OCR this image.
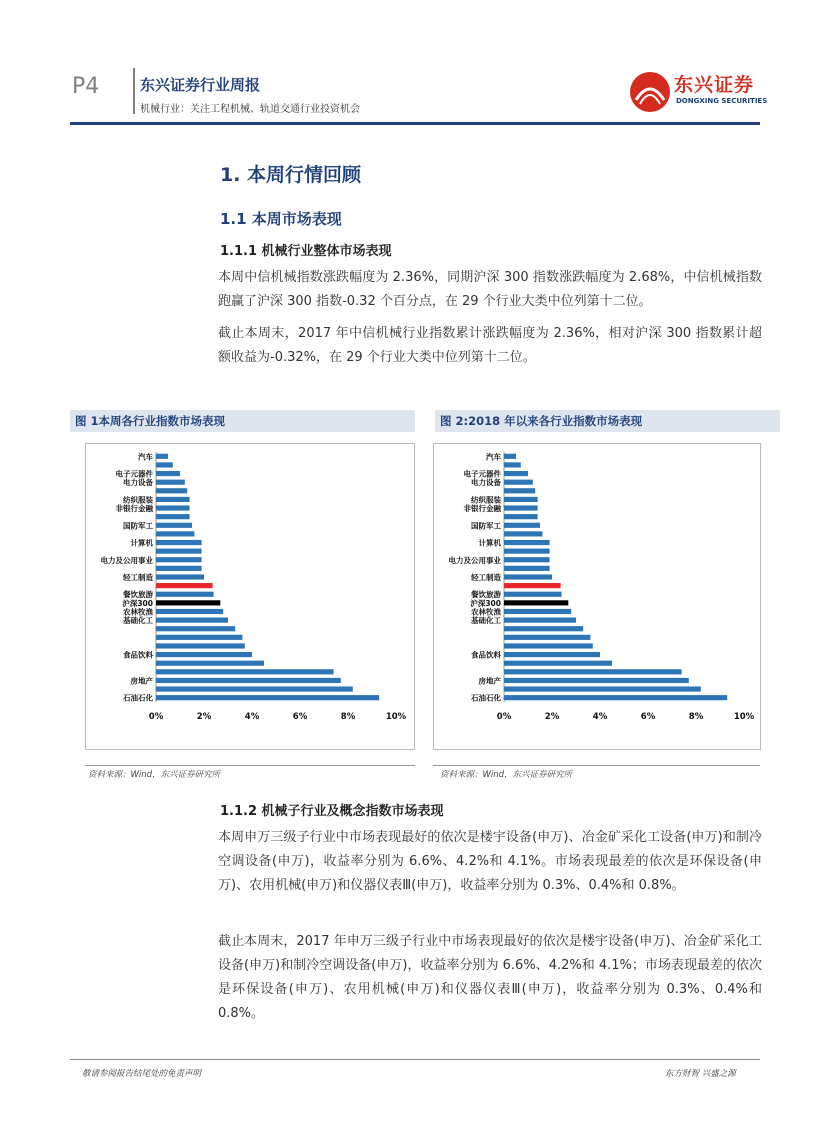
P4	东兴证券行业周报
机械行业：关注工程机械、轨道交通行业投资机会
东兴证券
DONGXING SECURITIES
1. 本周行情回顾
1.1 本周市场表现
1.1.1 机械行业整体市场表现

本周中信机械指数涨跌幅度为 2.36%，同期沪深 300 指数涨跌幅度为 2.68%，中信机械指数跑赢了沪深 300 指数-0.32 个百分点，在 29 个行业大类中位列第十二位。

截止本周末，2017 年中信机械行业指数累计涨跌幅度为 2.36%，相对沪深 300 指数累计超额收益为-0.32%，在 29 个行业大类中位列第十二位。

图 1本周各行业指数市场表现
汽车
电子元器件
电力设备
纺织服装
非银行金融
国防军工
计算机
电力及公用事业
轻工制造
餐饮旅游
沪深300
农林牧渔
基础化工
食品饮料
房地产
石油石化
0%	2%	4%	6%	8%	10%
资料来源：Wind，东兴证券研究所
图 2:2018 年以来各行业指数市场表现
汽车
电子元器件
电力设备
纺织服装
非银行金融
国防军工
计算机
电力及公用事业
轻工制造
餐饮旅游
沪深300
农林牧渔
基础化工
食品饮料
房地产
石油石化
0%	2%	4%	6%	8%	10%
资料来源：Wind，东兴证券研究所
1.1.2 机械子行业及概念指数市场表现

本周申万三级子行业中市场表现最好的依次是楼宇设备(申万)、冶金矿采化工设备(申万)和制冷空调设备(申万)，收益率分别为 6.6%、4.2%和 4.1%。市场表现最差的依次是环保设备(申万)、农用机械(申万)和仪器仪表Ⅲ(申万)，收益率分别为 0.3%、0.4%和 0.8%。

截止本周末，2017 年申万三级子行业中市场表现最好的依次是楼宇设备(申万)、冶金矿采化工设备(申万)和制冷空调设备(申万)，收益率分别为 6.6%、4.2%和 4.1%；市场表现最差的依次是环保设备(申万)、农用机械(申万)和仪器仪表Ⅲ(申万)，收益率分别为 0.3%、0.4%和 0.8%。

敬请参阅报告结尾处的免责声明	东方财智 兴盛之源
